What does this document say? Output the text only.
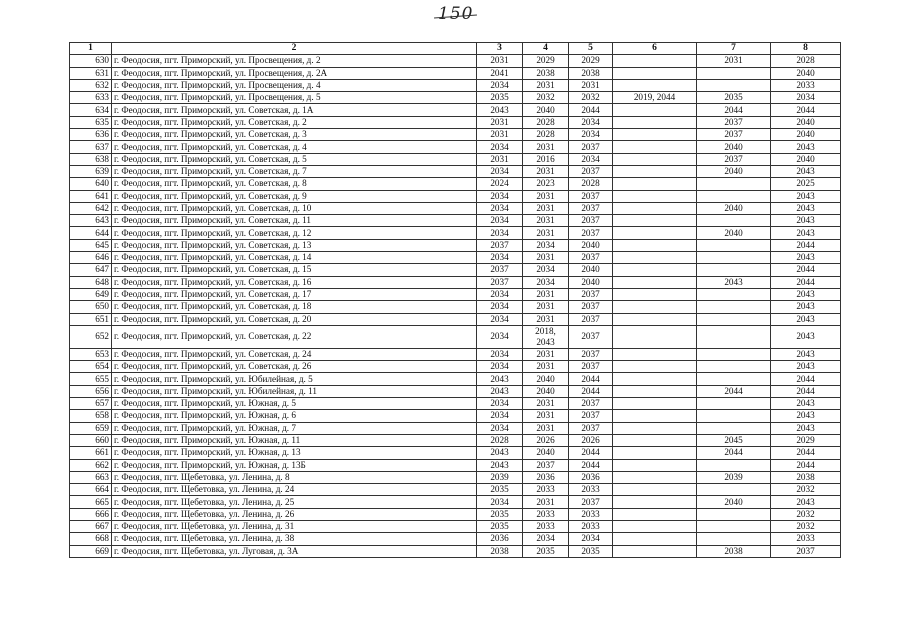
150
1	2	3	4	5	6	7	8
630	г. Феодосия, пгт. Приморский, ул. Просвещения, д. 2	2031	2029	2029		2031	2028
631	г. Феодосия, пгт. Приморский, ул. Просвещения, д. 2А	2041	2038	2038			2040
632	г. Феодосия, пгт. Приморский, ул. Просвещения, д. 4	2034	2031	2031			2033
633	г. Феодосия, пгт. Приморский, ул. Просвещения, д. 5	2035	2032	2032	2019, 2044	2035	2034
634	г. Феодосия, пгт. Приморский, ул. Советская, д. 1А	2043	2040	2044		2044	2044
635	г. Феодосия, пгт. Приморский, ул. Советская, д. 2	2031	2028	2034		2037	2040
636	г. Феодосия, пгт. Приморский, ул. Советская, д. 3	2031	2028	2034		2037	2040
637	г. Феодосия, пгт. Приморский, ул. Советская, д. 4	2034	2031	2037		2040	2043
638	г. Феодосия, пгт. Приморский, ул. Советская, д. 5	2031	2016	2034		2037	2040
639	г. Феодосия, пгт. Приморский, ул. Советская, д. 7	2034	2031	2037		2040	2043
640	г. Феодосия, пгт. Приморский, ул. Советская, д. 8	2024	2023	2028			2025
641	г. Феодосия, пгт. Приморский, ул. Советская, д. 9	2034	2031	2037			2043
642	г. Феодосия, пгт. Приморский, ул. Советская, д. 10	2034	2031	2037		2040	2043
643	г. Феодосия, пгт. Приморский, ул. Советская, д. 11	2034	2031	2037			2043
644	г. Феодосия, пгт. Приморский, ул. Советская, д. 12	2034	2031	2037		2040	2043
645	г. Феодосия, пгт. Приморский, ул. Советская, д. 13	2037	2034	2040			2044
646	г. Феодосия, пгт. Приморский, ул. Советская, д. 14	2034	2031	2037			2043
647	г. Феодосия, пгт. Приморский, ул. Советская, д. 15	2037	2034	2040			2044
648	г. Феодосия, пгт. Приморский, ул. Советская, д. 16	2037	2034	2040		2043	2044
649	г. Феодосия, пгт. Приморский, ул. Советская, д. 17	2034	2031	2037			2043
650	г. Феодосия, пгт. Приморский, ул. Советская, д. 18	2034	2031	2037			2043
651	г. Феодосия, пгт. Приморский, ул. Советская, д. 20	2034	2031	2037			2043
652	г. Феодосия, пгт. Приморский, ул. Советская, д. 22	2034	2018, 2043	2037			2043
653	г. Феодосия, пгт. Приморский, ул. Советская, д. 24	2034	2031	2037			2043
654	г. Феодосия, пгт. Приморский, ул. Советская, д. 26	2034	2031	2037			2043
655	г. Феодосия, пгт. Приморский, ул. Юбилейная, д. 5	2043	2040	2044			2044
656	г. Феодосия, пгт. Приморский, ул. Юбилейная, д. 11	2043	2040	2044		2044	2044
657	г. Феодосия, пгт. Приморский, ул. Южная, д. 5	2034	2031	2037			2043
658	г. Феодосия, пгт. Приморский, ул. Южная, д. 6	2034	2031	2037			2043
659	г. Феодосия, пгт. Приморский, ул. Южная, д. 7	2034	2031	2037			2043
660	г. Феодосия, пгт. Приморский, ул. Южная, д. 11	2028	2026	2026		2045	2029
661	г. Феодосия, пгт. Приморский, ул. Южная, д. 13	2043	2040	2044		2044	2044
662	г. Феодосия, пгт. Приморский, ул. Южная, д. 13Б	2043	2037	2044			2044
663	г. Феодосия, пгт. Щебетовка, ул. Ленина, д. 8	2039	2036	2036		2039	2038
664	г. Феодосия, пгт. Щебетовка, ул. Ленина, д. 24	2035	2033	2033			2032
665	г. Феодосия, пгт. Щебетовка, ул. Ленина, д. 25	2034	2031	2037		2040	2043
666	г. Феодосия, пгт. Щебетовка, ул. Ленина, д. 26	2035	2033	2033			2032
667	г. Феодосия, пгт. Щебетовка, ул. Ленина, д. 31	2035	2033	2033			2032
668	г. Феодосия, пгт. Щебетовка, ул. Ленина, д. 38	2036	2034	2034			2033
669	г. Феодосия, пгт. Щебетовка, ул. Луговая, д. 3А	2038	2035	2035		2038	2037
